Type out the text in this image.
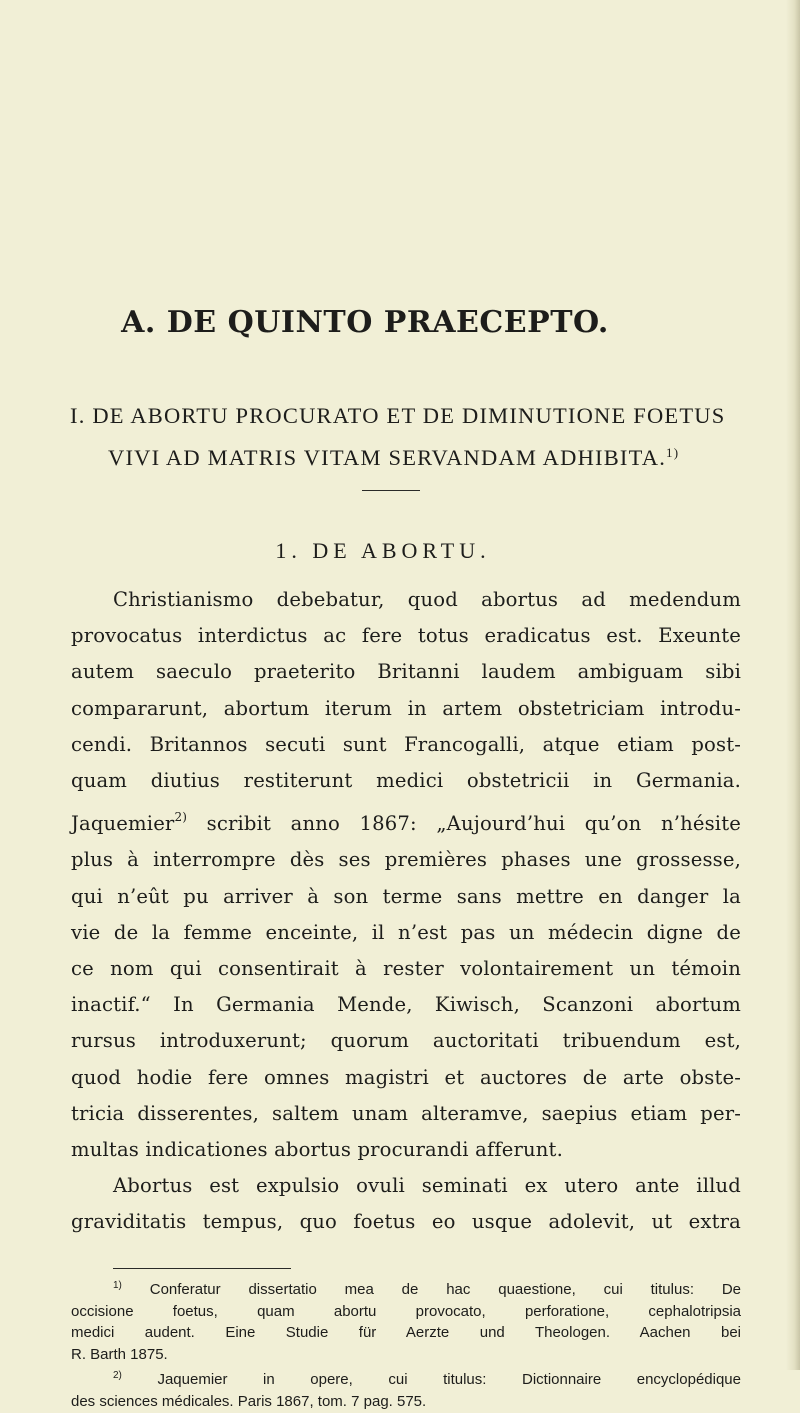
A. DE QUINTO PRAECEPTO.
I. DE ABORTU PROCURATO ET DE DIMINUTIONE FOETUS
VIVI AD MATRIS VITAM SERVANDAM ADHIBITA.$^{1)}$
1. DE ABORTU.
Christianismo debebatur, quod abortus ad medendum
provocatus interdictus ac fere totus eradicatus est. Exeunte
autem saeculo praeterito Britanni laudem ambiguam sibi
compararunt, abortum iterum in artem obstetriciam introdu-
cendi. Britannos secuti sunt Francogalli, atque etiam post-
quam diutius restiterunt medici obstetricii in Germania.
Jaquemier$^{2)}$ scribit anno 1867: „Aujourd’hui qu’on n’hésite
plus à interrompre dès ses premières phases une grossesse,
qui n’eût pu arriver à son terme sans mettre en danger la
vie de la femme enceinte, il n’est pas un médecin digne de
ce nom qui consentirait à rester volontairement un témoin
inactif.“ In Germania Mende, Kiwisch, Scanzoni abortum
rursus introduxerunt; quorum auctoritati tribuendum est,
quod hodie fere omnes magistri et auctores de arte obste-
tricia disserentes, saltem unam alteramve, saepius etiam per-
multas indicationes abortus procurandi afferunt.
Abortus est expulsio ovuli seminati ex utero ante illud
graviditatis tempus, quo foetus eo usque adolevit, ut extra
$^{1)}$ Conferatur dissertatio mea de hac quaestione, cui titulus: De
occisione foetus, quam abortu provocato, perforatione, cephalotripsia
medici audent. Eine Studie für Aerzte und Theologen. Aachen bei
R. Barth 1875.
$^{2)}$ Jaquemier in opere, cui titulus: Dictionnaire encyclopédique
des sciences médicales. Paris 1867, tom. 7 pag. 575.
